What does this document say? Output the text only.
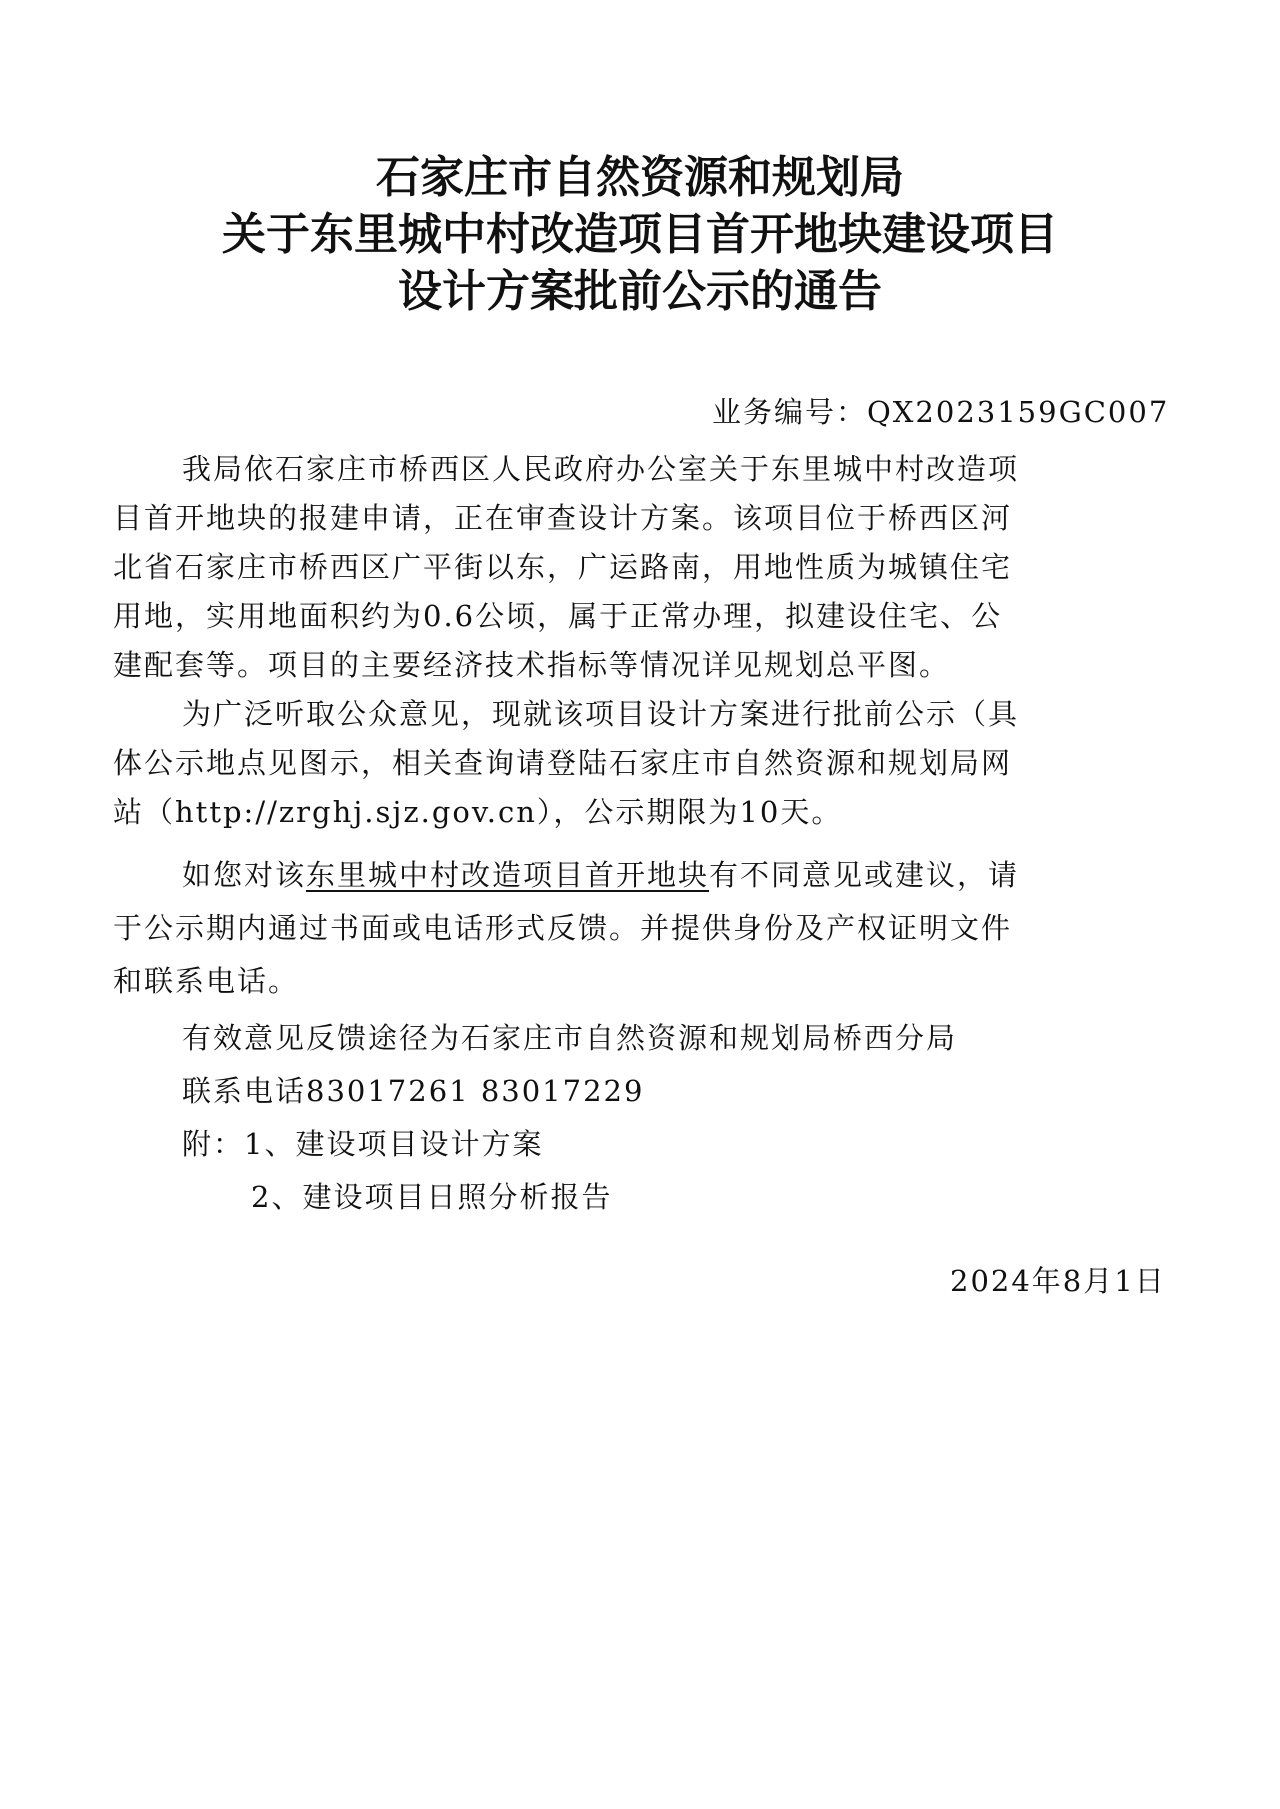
石家庄市自然资源和规划局
关于东里城中村改造项目首开地块建设项目
设计方案批前公示的通告
业务编号：QX2023159GC007
我局依石家庄市桥西区人民政府办公室关于东里城中村改造项
目首开地块的报建申请，正在审查设计方案。该项目位于桥西区河
北省石家庄市桥西区广平街以东，广运路南，用地性质为城镇住宅
用地，实用地面积约为0.6公顷，属于正常办理，拟建设住宅、公
建配套等。项目的主要经济技术指标等情况详见规划总平图。
为广泛听取公众意见，现就该项目设计方案进行批前公示（具
体公示地点见图示，相关查询请登陆石家庄市自然资源和规划局网
站（http://zrghj.sjz.gov.cn），公示期限为10天。
如您对该东里城中村改造项目首开地块有不同意见或建议，请
于公示期内通过书面或电话形式反馈。并提供身份及产权证明文件
和联系电话。
有效意见反馈途径为石家庄市自然资源和规划局桥西分局
联系电话83017261 83017229
附：1、建设项目设计方案
2、建设项目日照分析报告
2024年8月1日
